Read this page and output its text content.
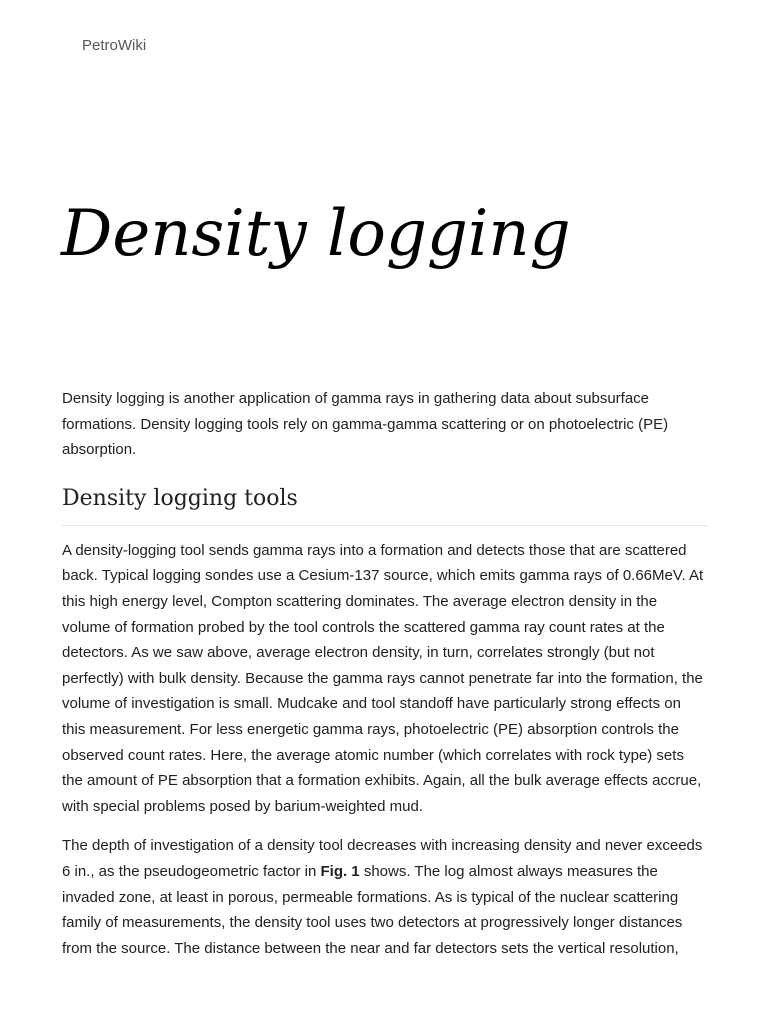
PetroWiki
Density logging

Density logging is another application of gamma rays in gathering data about subsurface formations. Density logging tools rely on gamma-gamma scattering or on photoelectric (PE) absorption.

Density logging tools

A density-logging tool sends gamma rays into a formation and detects those that are scattered back. Typical logging sondes use a Cesium-137 source, which emits gamma rays of 0.66MeV. At this high energy level, Compton scattering dominates. The average electron density in the volume of formation probed by the tool controls the scattered gamma ray count rates at the detectors. As we saw above, average electron density, in turn, correlates strongly (but not perfectly) with bulk density. Because the gamma rays cannot penetrate far into the formation, the volume of investigation is small. Mudcake and tool standoff have particularly strong effects on this measurement. For less energetic gamma rays, photoelectric (PE) absorption controls the observed count rates. Here, the average atomic number (which correlates with rock type) sets the amount of PE absorption that a formation exhibits. Again, all the bulk average effects accrue, with special problems posed by barium-weighted mud.

The depth of investigation of a density tool decreases with increasing density and never exceeds 6 in., as the pseudogeometric factor in Fig. 1 shows. The log almost always measures the invaded zone, at least in porous, permeable formations. As is typical of the nuclear scattering family of measurements, the density tool uses two detectors at progressively longer distances from the source. The distance between the near and far detectors sets the vertical resolution,
